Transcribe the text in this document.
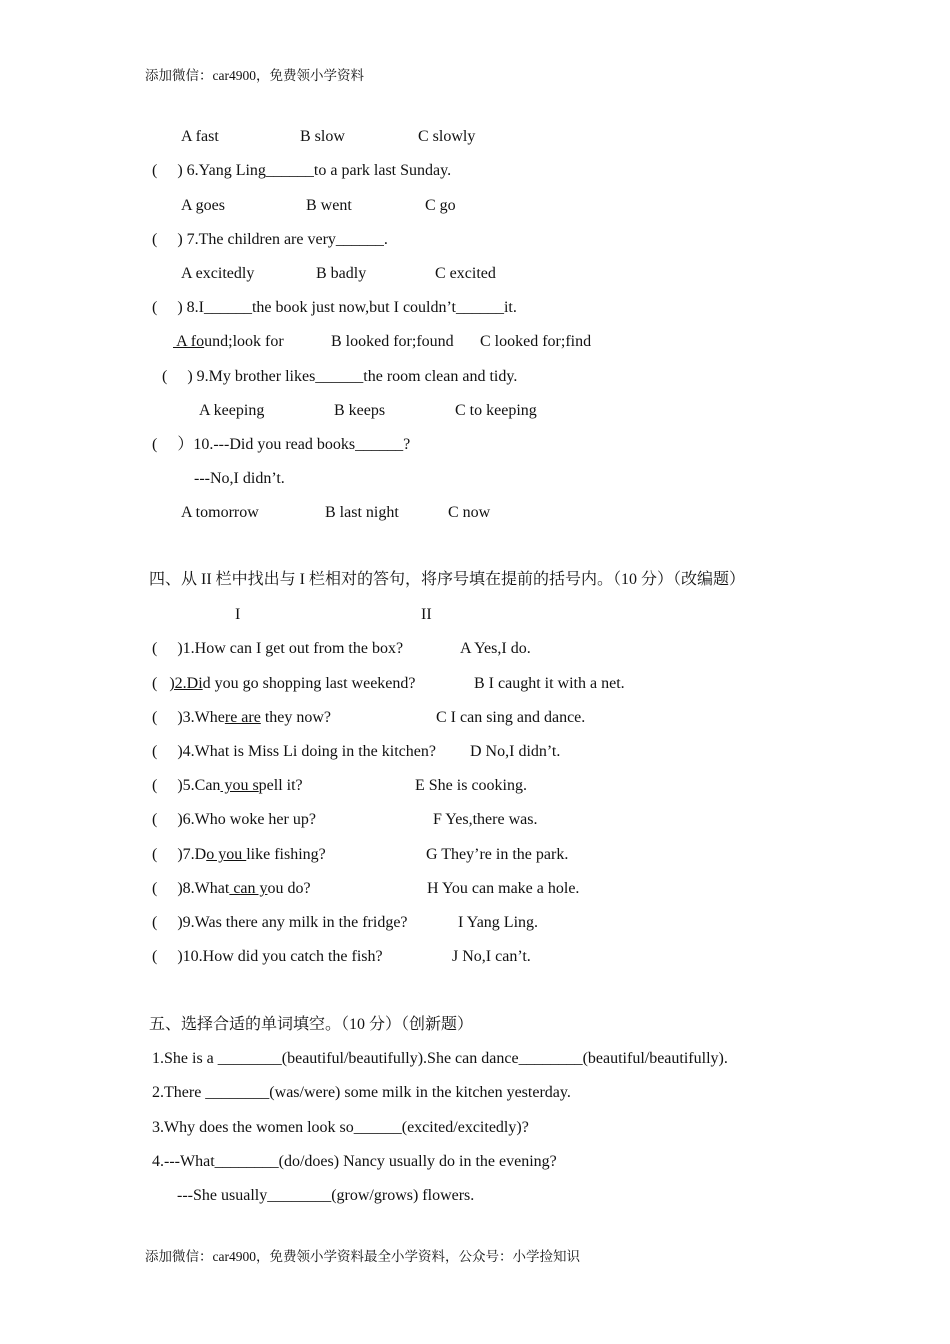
添加微信：car4900，免费领小学资料
A fast	B slow	C slowly
(     ) 6.Yang Ling______to a park last Sunday.
A goes	B went	C go
(     ) 7.The children are very______.
A excitedly	B badly	C excited
(     ) 8.I______the book just now,but I couldn’t______it.
A found;look for	B looked for;found C looked for;find
(     ) 9.My brother likes______the room clean and tidy.
A keeping	B keeps	C to keeping
(     ）10.---Did you read books______?
---No,I didn’t.
A tomorrow	B last night	C now
四、从 II 栏中找出与 I 栏相对的答句，将序号填在提前的括号内。（10 分）（改编题）
I	II
(     )1.How can I get out from the box?	A Yes,I do.
(   )2.Did you go shopping last weekend?	B I caught it with a net.
(     )3.Where are they now?	C I can sing and dance.
(     )4.What is Miss Li doing in the kitchen? D No,I didn’t.
(     )5.Can you spell it?	E She is cooking.
(     )6.Who woke her up?	F Yes,there was.
(     )7.Do you like fishing?	G They’re in the park.
(     )8.What can you do?	H You can make a hole.
(     )9.Was there any milk in the fridge?	I Yang Ling.
(     )10.How did you catch the fish?	J No,I can’t.
五、选择合适的单词填空。（10 分）（创新题）
1.She is a ________(beautiful/beautifully).She can dance________(beautiful/beautifully).
2.There ________(was/were) some milk in the kitchen yesterday.
3.Why does the women look so______(excited/excitedly)?
4.---What________(do/does) Nancy usually do in the evening?
---She usually________(grow/grows) flowers.
添加微信：car4900，免费领小学资料最全小学资料，公众号：小学捡知识
